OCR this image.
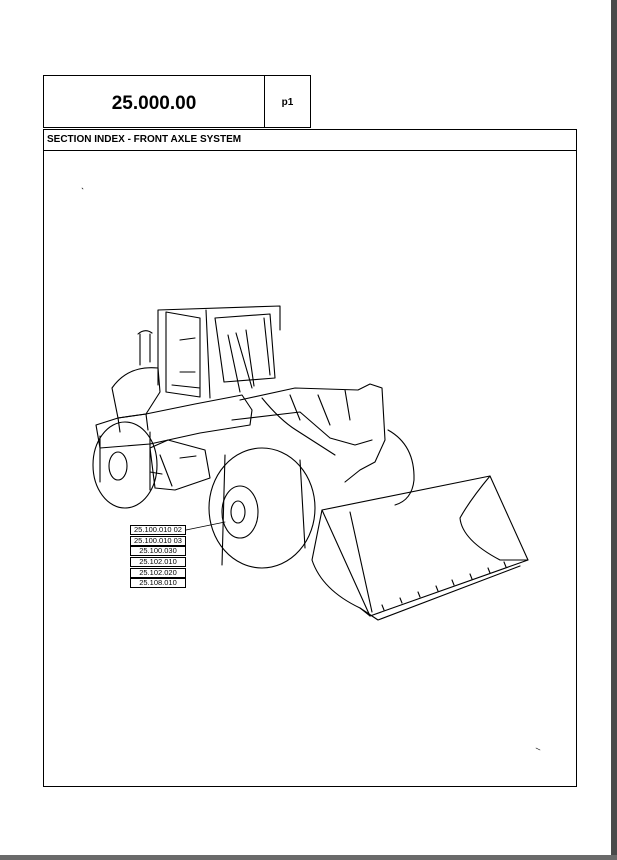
25.000.00	p1
SECTION INDEX - FRONT AXLE SYSTEM
25.100.010 02
25.100.010 03
25.100.030
25.102.010
25.102.020
25.108.010
